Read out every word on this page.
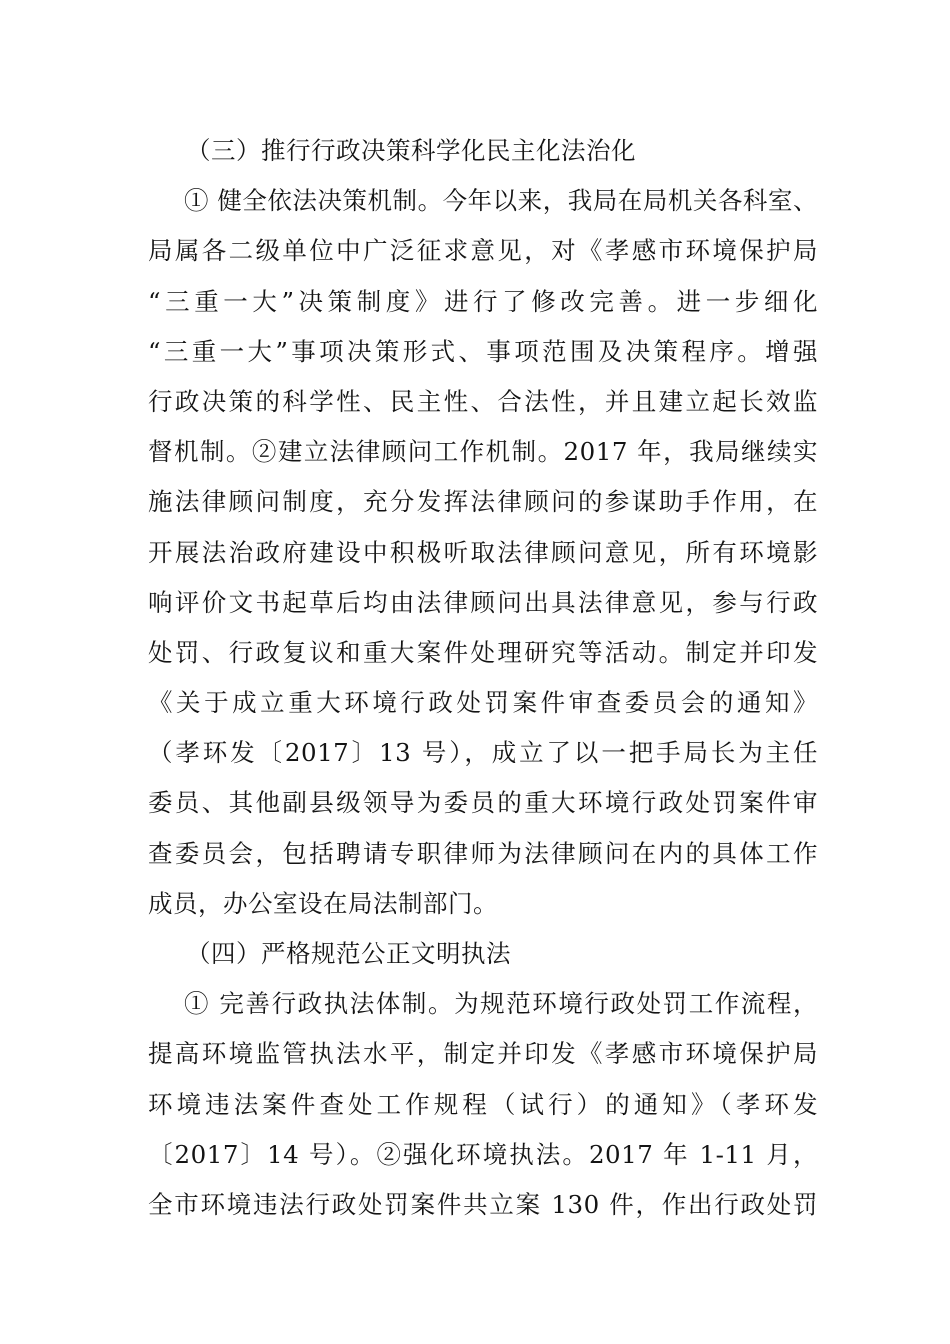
（三）推行行政决策科学化民主化法治化
① 健全依法决策机制。今年以来，我局在局机关各科室、
局属各二级单位中广泛征求意见，对《孝感市环境保护局
“三重一大”决策制度》进行了修改完善。进一步细化
“三重一大”事项决策形式、事项范围及决策程序。增强
行政决策的科学性、民主性、合法性，并且建立起长效监
督机制。②建立法律顾问工作机制。2017 年，我局继续实
施法律顾问制度，充分发挥法律顾问的参谋助手作用，在
开展法治政府建设中积极听取法律顾问意见，所有环境影
响评价文书起草后均由法律顾问出具法律意见，参与行政
处罚、行政复议和重大案件处理研究等活动。制定并印发
《关于成立重大环境行政处罚案件审查委员会的通知》
（孝环发〔2017〕13 号），成立了以一把手局长为主任
委员、其他副县级领导为委员的重大环境行政处罚案件审
查委员会，包括聘请专职律师为法律顾问在内的具体工作
成员，办公室设在局法制部门。
（四）严格规范公正文明执法
① 完善行政执法体制。为规范环境行政处罚工作流程，
提高环境监管执法水平，制定并印发《孝感市环境保护局
环境违法案件查处工作规程（试行）的通知》（孝环发
〔2017〕14 号）。②强化环境执法。2017 年 1-11 月，
全市环境违法行政处罚案件共立案 130 件，作出行政处罚
